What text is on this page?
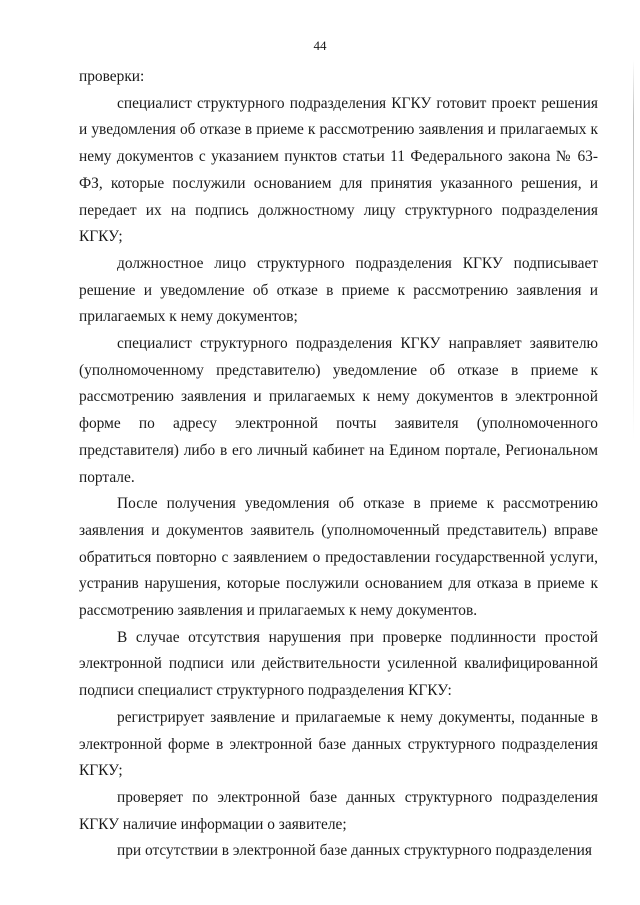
44

проверки:

специалист структурного подразделения КГКУ готовит проект решения и уведомления об отказе в приеме к рассмотрению заявления и прилагаемых к нему документов с указанием пунктов статьи 11 Федерального закона № 63- ФЗ, которые послужили основанием для принятия указанного решения, и передает их на подпись должностному лицу структурного подразделения КГКУ;

должностное лицо структурного подразделения КГКУ подписывает решение и уведомление об отказе в приеме к рассмотрению заявления и прилагаемых к нему документов;

специалист структурного подразделения КГКУ направляет заявителю (уполномоченному представителю) уведомление об отказе в приеме к рассмотрению заявления и прилагаемых к нему документов в электронной форме по адресу электронной почты заявителя (уполномоченного представителя) либо в его личный кабинет на Едином портале, Региональном портале.

После получения уведомления об отказе в приеме к рассмотрению заявления и документов заявитель (уполномоченный представитель) вправе обратиться повторно с заявлением о предоставлении государственной услуги, устранив нарушения, которые послужили основанием для отказа в приеме к рассмотрению заявления и прилагаемых к нему документов.

В случае отсутствия нарушения при проверке подлинности простой электронной подписи или действительности усиленной квалифицированной подписи специалист структурного подразделения КГКУ:

регистрирует заявление и прилагаемые к нему документы, поданные в электронной форме в электронной базе данных структурного подразделения КГКУ;

проверяет по электронной базе данных структурного подразделения КГКУ наличие информации о заявителе;

при отсутствии в электронной базе данных структурного подразделения
